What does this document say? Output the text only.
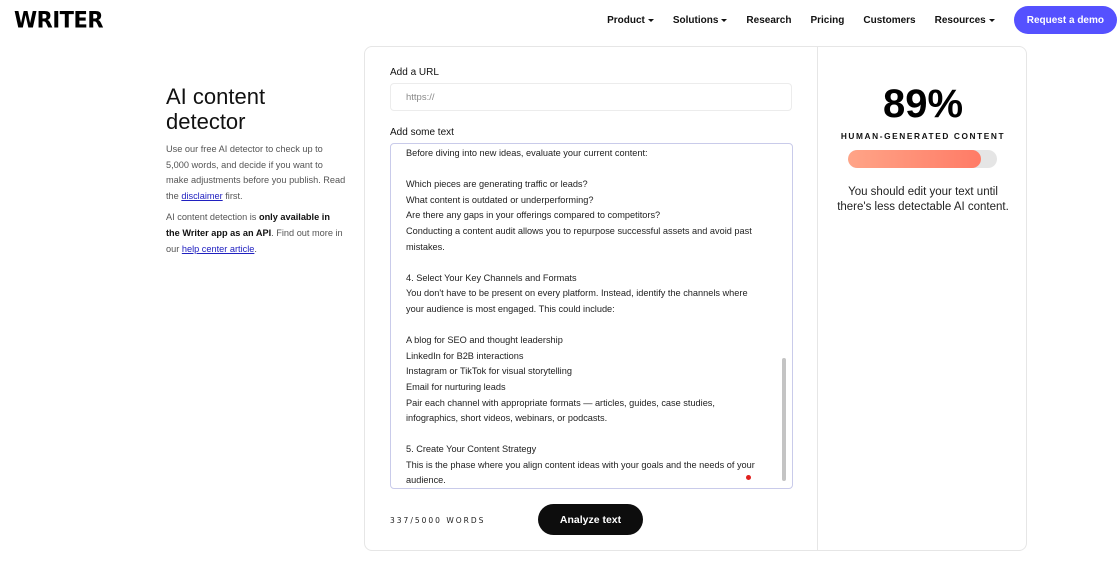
WRITER	Product	Solutions	Research Pricing Customers Resources	Request a demo
AI content
detector

Use our free AI detector to check up to 5,000 words, and decide if you want to make adjustments before you publish. Read the disclaimer first.

AI content detection is only available in the Writer app as an API. Find out more in our help center article.

Add a URL
https://
Add some text
Before diving into new ideas, evaluate your current content:

Which pieces are generating traffic or leads?
What content is outdated or underperforming?
Are there any gaps in your offerings compared to competitors?
Conducting a content audit allows you to repurpose successful assets and avoid past mistakes.

4. Select Your Key Channels and Formats
You don't have to be present on every platform. Instead, identify the channels where your audience is most engaged. This could include:

A blog for SEO and thought leadership
LinkedIn for B2B interactions
Instagram or TikTok for visual storytelling
Email for nurturing leads
Pair each channel with appropriate formats — articles, guides, case studies, infographics, short videos, webinars, or podcasts.

5. Create Your Content Strategy
This is the phase where you align content ideas with your goals and the needs of your audience.
337/5000 WORDS	Analyze text
89%
HUMAN-GENERATED CONTENT
You should edit your text until there's less detectable AI content.
